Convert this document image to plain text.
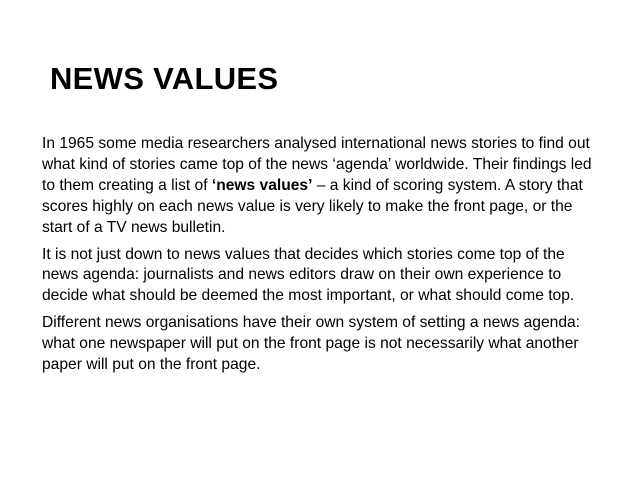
NEWS VALUES

In 1965 some media researchers analysed international news stories to find out what kind of stories came top of the news ‘agenda’ worldwide. Their findings led to them creating a list of ‘news values’ – a kind of scoring system. A story that scores highly on each news value is very likely to make the front page, or the start of a TV news bulletin.

It is not just down to news values that decides which stories come top of the news agenda: journalists and news editors draw on their own experience to decide what should be deemed the most important, or what should come top.

Different news organisations have their own system of setting a news agenda: what one newspaper will put on the front page is not necessarily what another paper will put on the front page.
